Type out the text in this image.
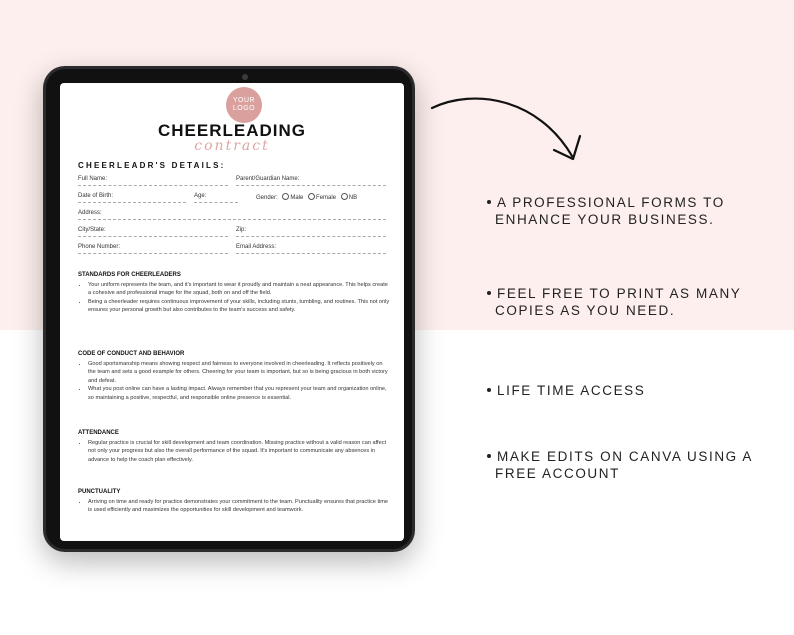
YOUR
LOGO
CHEERLEADING
contract
CHEERLEADR'S DETAILS:
Full Name:	Parent/Guardian Name:
Date of Birth:	Age:	Gender: Male Female NB
Address:
City/State:	Zip:
Phone Number:	Email Address:
STANDARDS FOR CHEERLEADERS
• Your uniform represents the team, and it's important to wear it proudly and maintain a neat appearance. This helps create a cohesive and professional image for the squad, both on and off the field.
• Being a cheerleader requires continuous improvement of your skills, including stunts, tumbling, and routines. This not only ensures your personal growth but also contributes to the team's success and safety.
CODE OF CONDUCT AND BEHAVIOR
• Good sportsmanship means showing respect and fairness to everyone involved in cheerleading. It reflects positively on the team and sets a good example for others. Cheering for your team is important, but so is being gracious in both victory and defeat.
• What you post online can have a lasting impact. Always remember that you represent your team and organization online, so maintaining a positive, respectful, and responsible online presence is essential.
ATTENDANCE
• Regular practice is crucial for skill development and team coordination. Missing practice without a valid reason can affect not only your progress but also the overall performance of the squad. It's important to communicate any absences in advance to help the coach plan effectively.
PUNCTUALITY
• Arriving on time and ready for practice demonstrates your commitment to the team. Punctuality ensures that practice time is used efficiently and maximizes the opportunities for skill development and teamwork.
A PROFESSIONAL FORMS TO
ENHANCE YOUR BUSINESS.
FEEL FREE TO PRINT AS MANY
COPIES AS YOU NEED.
LIFE TIME ACCESS
MAKE EDITS ON CANVA USING A
FREE ACCOUNT
